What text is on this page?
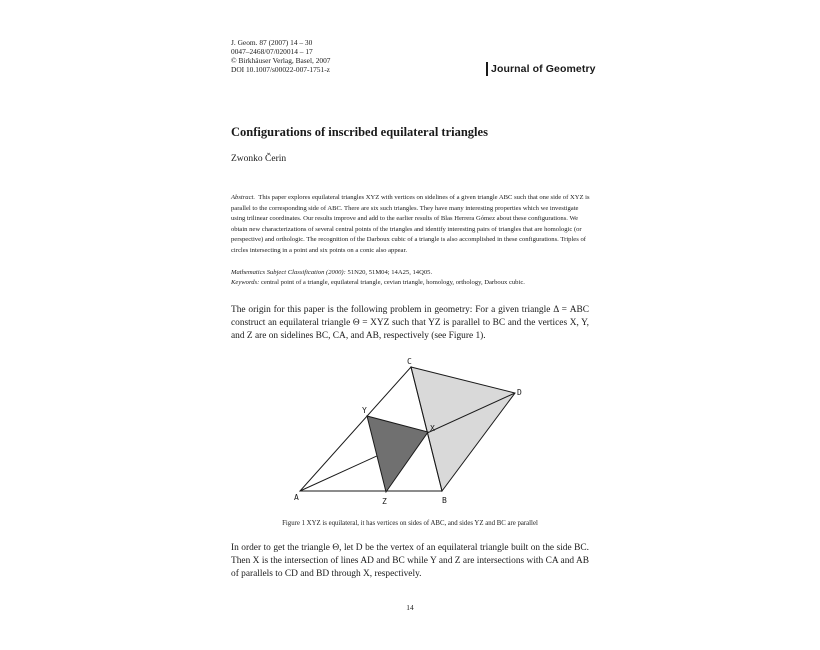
J. Geom. 87 (2007) 14 – 30
0047–2468/07/020014 – 17
© Birkhäuser Verlag, Basel, 2007
DOI 10.1007/s00022-007-1751-z	Journal of Geometry
Configurations of inscribed equilateral triangles
Zwonko Čerin

Abstract. This paper explores equilateral triangles XYZ with vertices on sidelines of a given triangle ABC such that one side of XYZ is parallel to the corresponding side of ABC. There are six such triangles. They have many interesting properties which we investigate using trilinear coordinates. Our results improve and add to the earlier results of Blas Herrera Gómez about these configurations. We obtain new characterizations of several central points of the triangles and identify interesting pairs of triangles that are homologic (or perspective) and orthologic. The recognition of the Darboux cubic of a triangle is also accomplished in these configurations. Triples of circles intersecting in a point and six points on a conic also appear.

Mathematics Subject Classification (2000): 51N20, 51M04; 14A25, 14Q05.
Keywords: central point of a triangle, equilateral triangle, cevian triangle, homology, orthology, Darboux cubic.

The origin for this paper is the following problem in geometry: For a given triangle Δ = ABC construct an equilateral triangle Θ = XYZ such that YZ is parallel to BC and the vertices X, Y, and Z are on sidelines BC, CA, and AB, respectively (see Figure 1).

A	B
C
D
X
Y
Z
Figure 1 XYZ is equilateral, it has vertices on sides of ABC, and sides YZ and BC are parallel

In order to get the triangle Θ, let D be the vertex of an equilateral triangle built on the side BC. Then X is the intersection of lines AD and BC while Y and Z are intersections with CA and AB of parallels to CD and BD through X, respectively.

14
